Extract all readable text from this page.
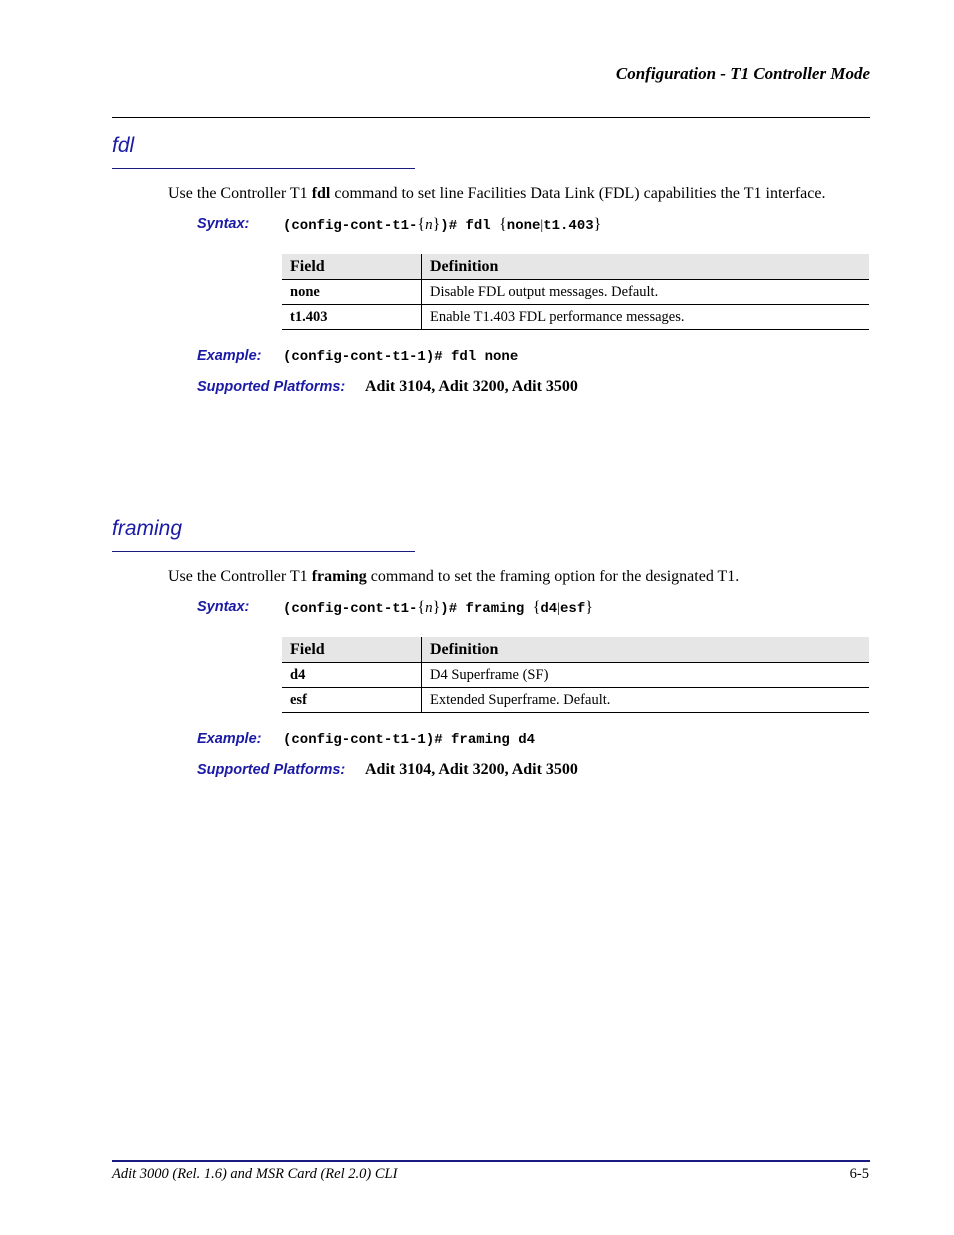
Configuration - T1 Controller Mode
fdl
Use the Controller T1 fdl command to set line Facilities Data Link (FDL) capabilities the T1 interface.
Syntax: (config-cont-t1-{n})# fdl {none|t1.403}
Field	Definition
none	Disable FDL output messages. Default.
t1.403	Enable T1.403 FDL performance messages.
Example: (config-cont-t1-1)# fdl none
Supported Platforms: Adit 3104, Adit 3200, Adit 3500
framing
Use the Controller T1 framing command to set the framing option for the designated T1.
Syntax: (config-cont-t1-{n})# framing {d4|esf}
Field	Definition
d4	D4 Superframe (SF)
esf	Extended Superframe. Default.
Example: (config-cont-t1-1)# framing d4
Supported Platforms: Adit 3104, Adit 3200, Adit 3500
Adit 3000 (Rel. 1.6) and MSR Card (Rel 2.0) CLI	6-5
